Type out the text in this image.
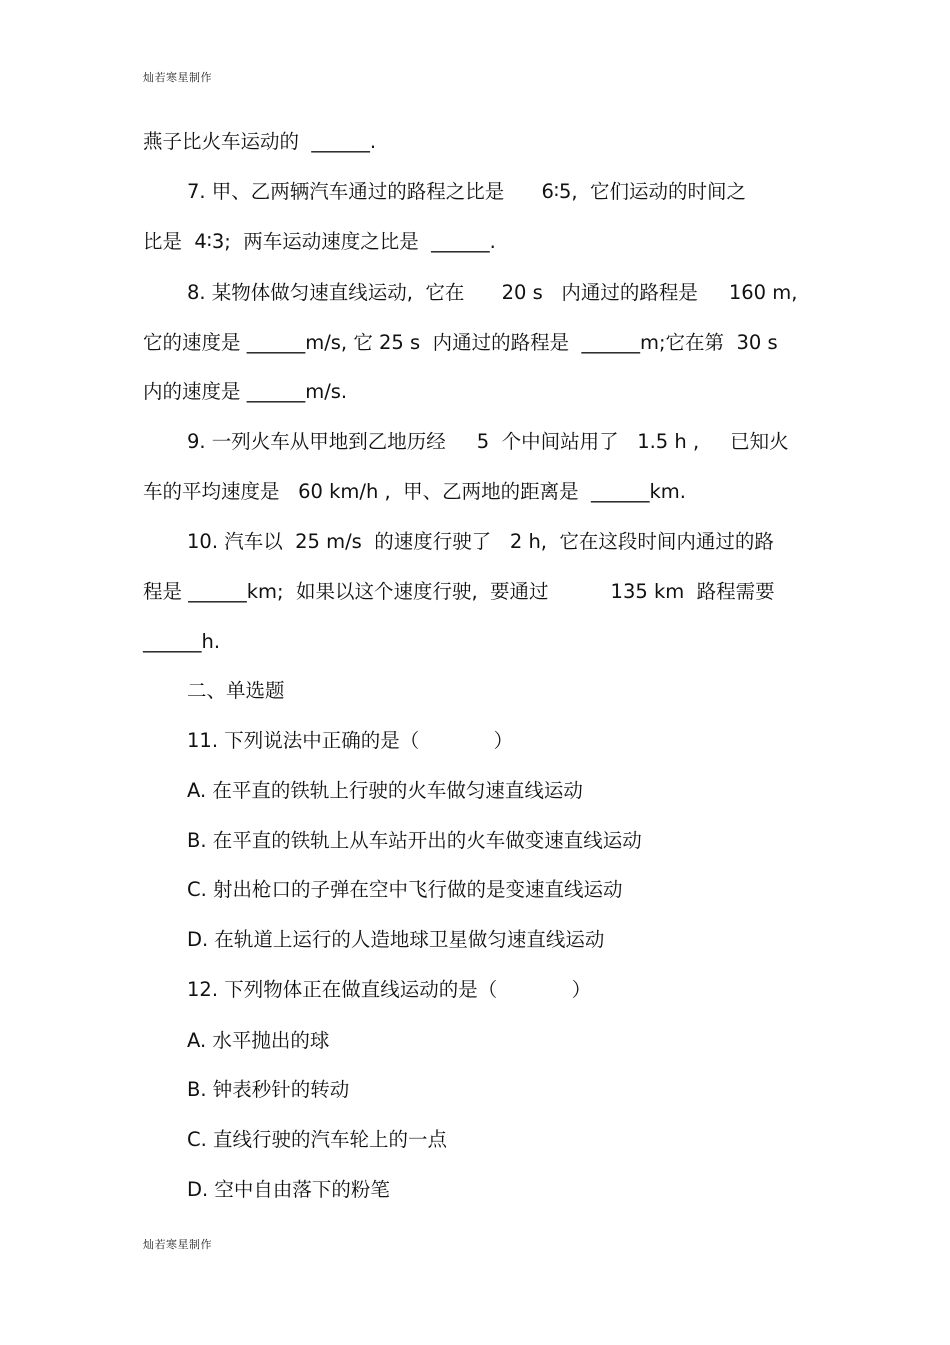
灿若寒星制作
燕子比火车运动的  ______.
7. 甲、乙两辆汽车通过的路程之比是      6∶5,  它们运动的时间之
比是  4∶3;  两车运动速度之比是  ______.
8. 某物体做匀速直线运动,  它在      20 s   内通过的路程是     160 m,
它的速度是 ______m/s, 它 25 s  内通过的路程是  ______m;它在第  30 s
内的速度是 ______m/s.
9. 一列火车从甲地到乙地历经     5  个中间站用了   1.5 h ,     已知火
车的平均速度是   60 km/h ,  甲、乙两地的距离是  ______km.
10. 汽车以  25 m/s  的速度行驶了   2 h,  它在这段时间内通过的路
程是 ______km;  如果以这个速度行驶,  要通过          135 km  路程需要
______h.
二、单选题
11. 下列说法中正确的是（            ）
A. 在平直的铁轨上行驶的火车做匀速直线运动
B. 在平直的铁轨上从车站开出的火车做变速直线运动
C. 射出枪口的子弹在空中飞行做的是变速直线运动
D. 在轨道上运行的人造地球卫星做匀速直线运动
12. 下列物体正在做直线运动的是（            ）
A. 水平抛出的球
B. 钟表秒针的转动
C. 直线行驶的汽车轮上的一点
D. 空中自由落下的粉笔
灿若寒星制作
